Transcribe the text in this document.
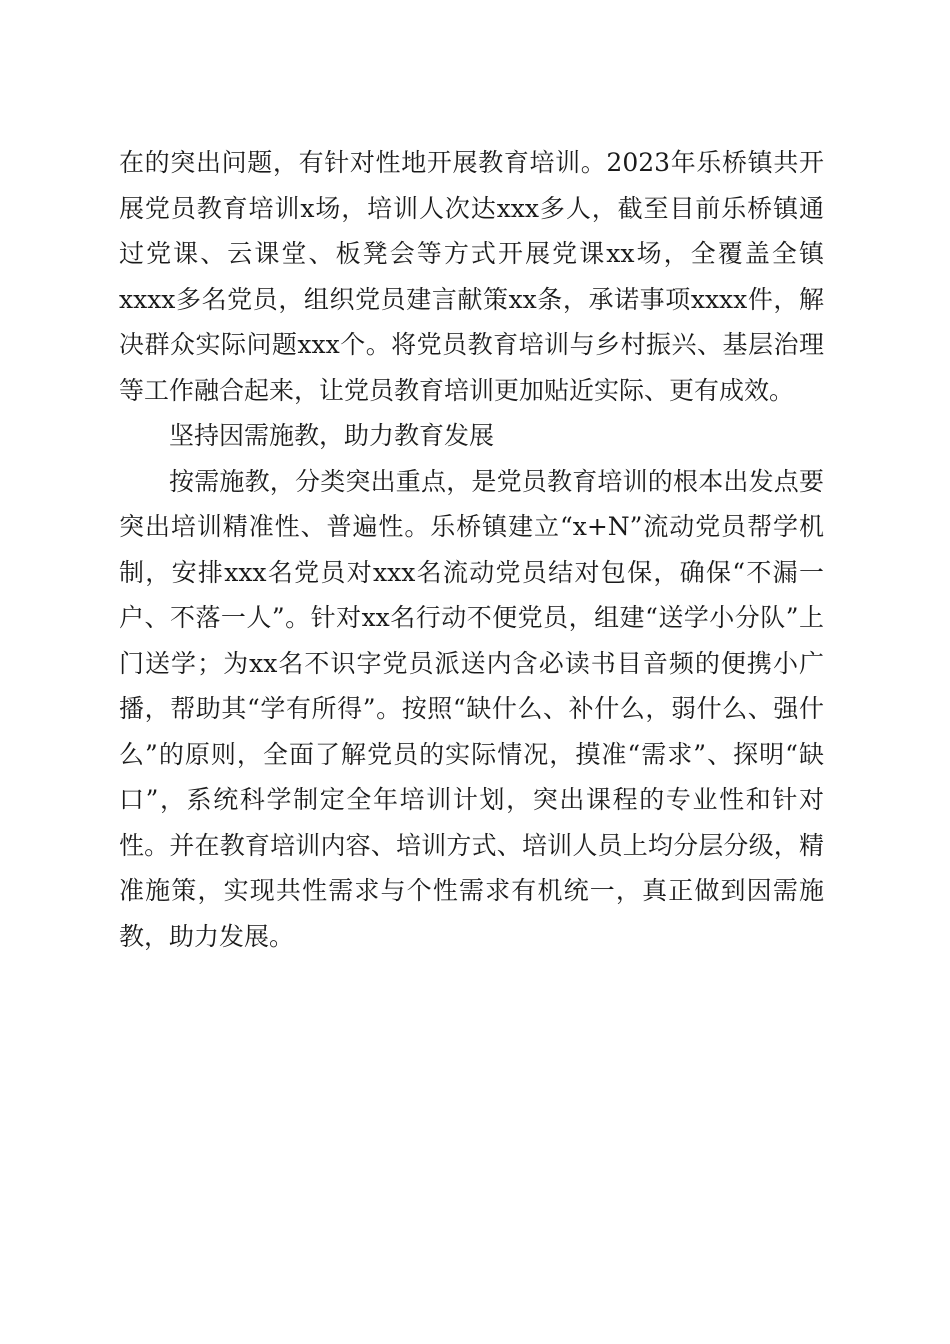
在的突出问题，有针对性地开展教育培训。2023年乐桥镇共开展党员教育培训x场，培训人次达xxx多人，截至目前乐桥镇通过党课、云课堂、板凳会等方式开展党课xx场，全覆盖全镇xxxx多名党员，组织党员建言献策xx条，承诺事项xxxx件，解决群众实际问题xxx个。将党员教育培训与乡村振兴、基层治理等工作融合起来，让党员教育培训更加贴近实际、更有成效。

坚持因需施教，助力教育发展

按需施教，分类突出重点，是党员教育培训的根本出发点要突出培训精准性、普遍性。乐桥镇建立“x+N”流动党员帮学机制，安排xxx名党员对xxx名流动党员结对包保，确保“不漏一户、不落一人”。针对xx名行动不便党员，组建“送学小分队”上门送学；为xx名不识字党员派送内含必读书目音频的便携小广播，帮助其“学有所得”。按照“缺什么、补什么，弱什么、强什么”的原则，全面了解党员的实际情况，摸准“需求”、探明“缺口”，系统科学制定全年培训计划，突出课程的专业性和针对性。并在教育培训内容、培训方式、培训人员上均分层分级，精准施策，实现共性需求与个性需求有机统一，真正做到因需施教，助力发展。
